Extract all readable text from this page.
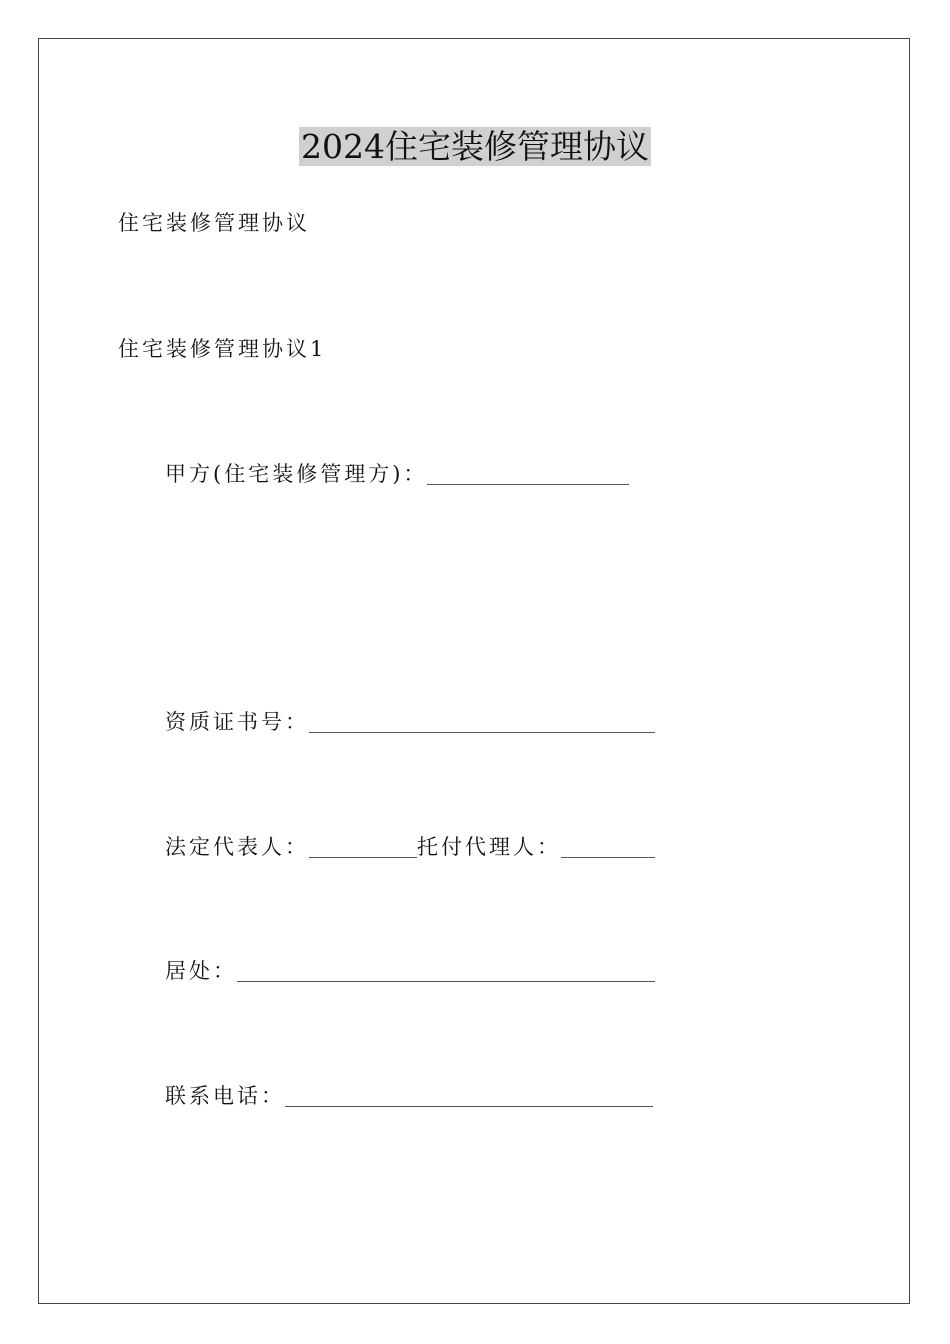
2024住宅装修管理协议
住宅装修管理协议
住宅装修管理协议1
甲方(住宅装修管理方)：
资质证书号：
法定代表人：	托付代理人：
居处：
联系电话：
